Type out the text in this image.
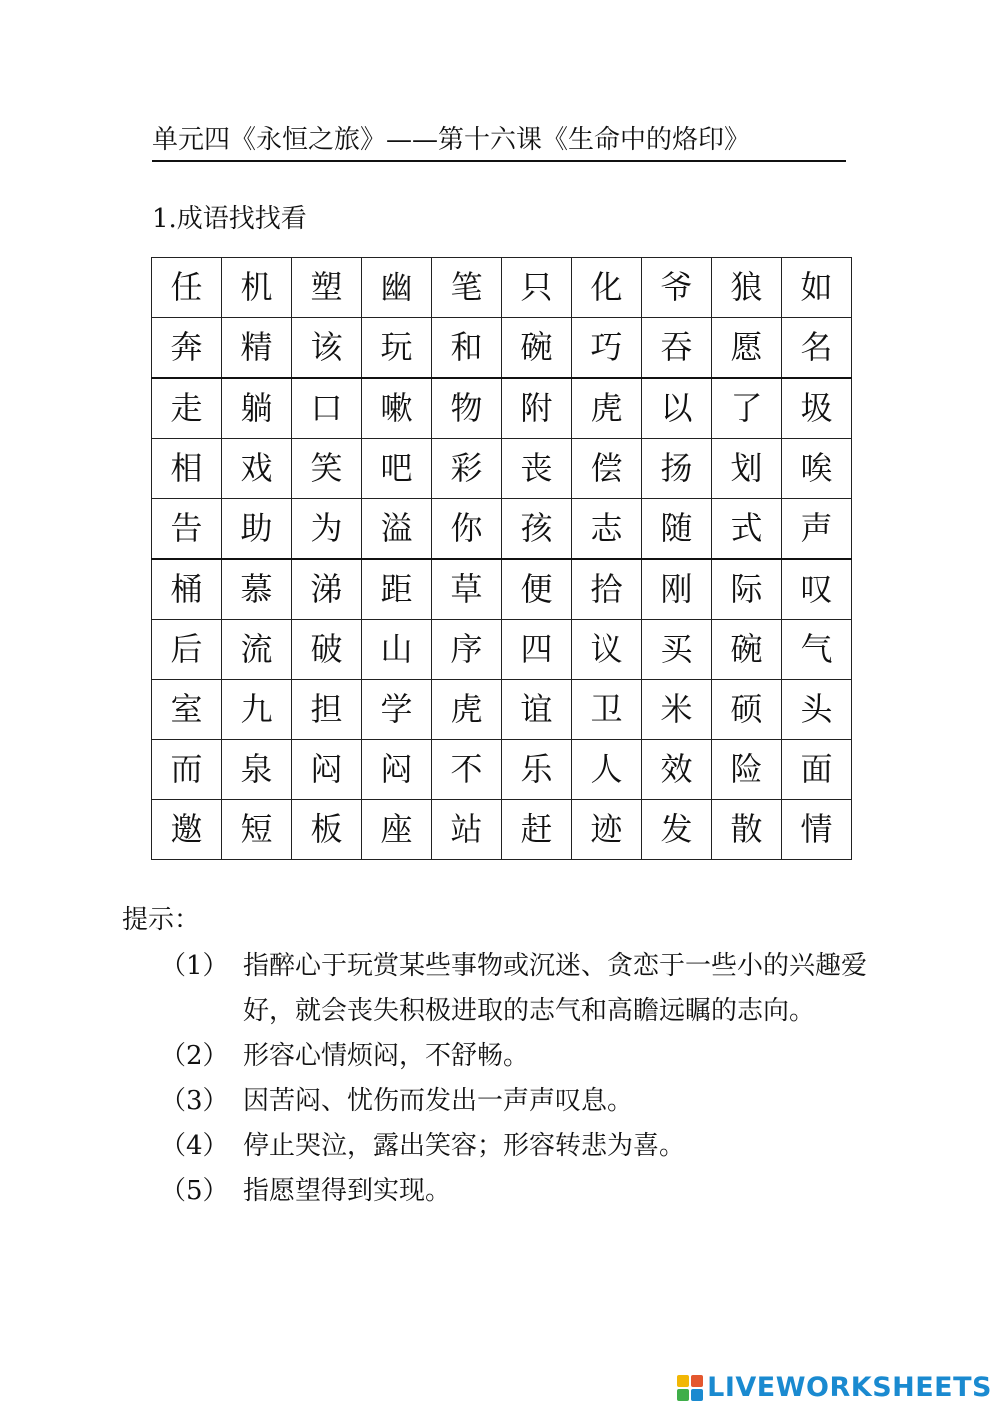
单元四《永恒之旅》——第十六课《生命中的烙印》
1.成语找找看
任	机	塑	幽	笔	只	化	爷	狼	如
奔	精	该	玩	和	碗	巧	吞	愿	名
走	躺	口	嗽	物	附	虎	以	了	圾
相	戏	笑	吧	彩	丧	偿	扬	划	唉
告	助	为	溢	你	孩	志	随	式	声
桶	慕	涕	距	草	便	拾	刚	际	叹
后	流	破	山	序	四	议	买	碗	气
室	九	担	学	虎	谊	卫	米	硕	头
而	泉	闷	闷	不	乐	人	效	险	面
邀	短	板	座	站	赶	迹	发	散	情
提示：
（1） 指醉心于玩赏某些事物或沉迷、贪恋于一些小的兴趣爱好，就会丧失积极进取的志气和高瞻远瞩的志向。
（2） 形容心情烦闷，不舒畅。
（3） 因苦闷、忧伤而发出一声声叹息。
（4） 停止哭泣，露出笑容；形容转悲为喜。
（5） 指愿望得到实现。
LIVE WORKSHEETS
